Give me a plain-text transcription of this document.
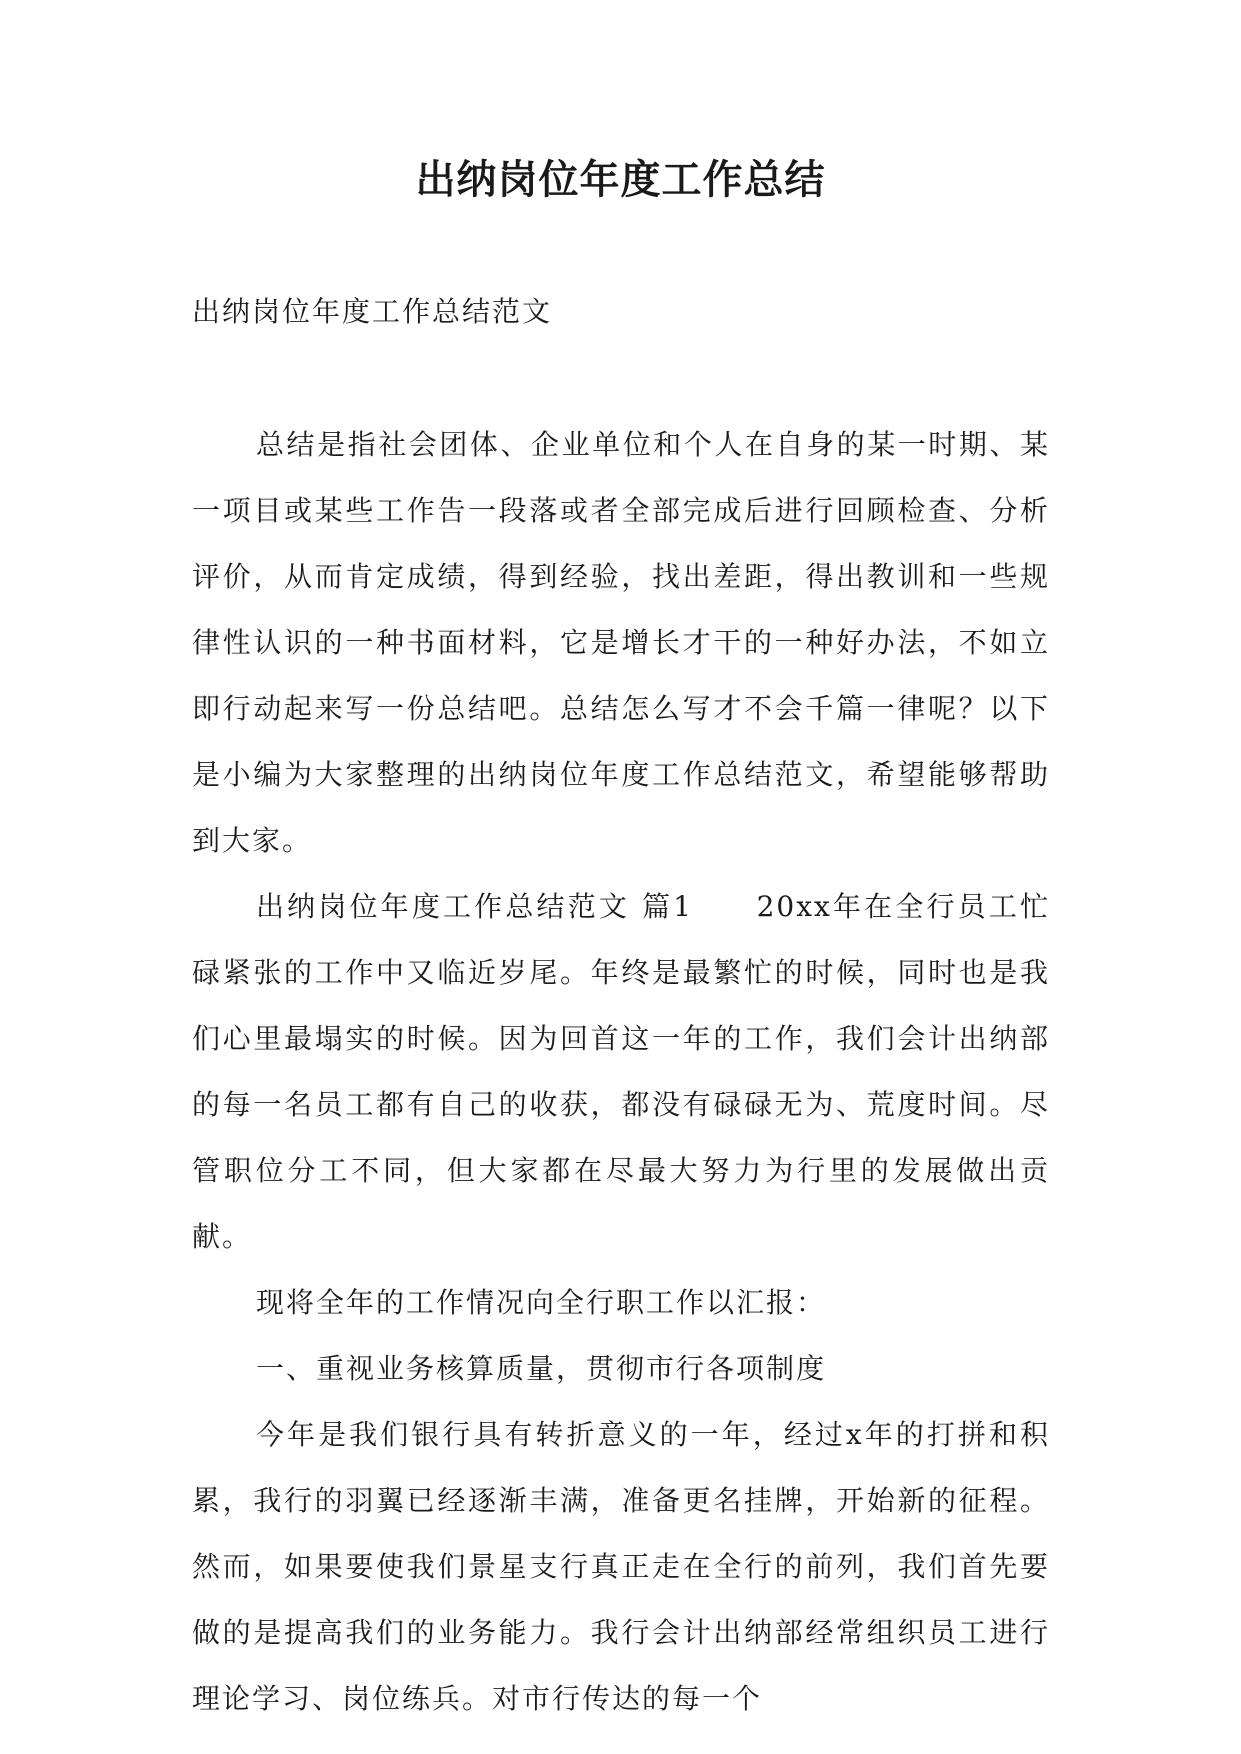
出纳岗位年度工作总结
出纳岗位年度工作总结范文

总结是指社会团体、企业单位和个人在自身的某一时期、某一项目或某些工作告一段落或者全部完成后进行回顾检查、分析评价，从而肯定成绩，得到经验，找出差距，得出教训和一些规律性认识的一种书面材料，它是增长才干的一种好办法，不如立即行动起来写一份总结吧。总结怎么写才不会千篇一律呢？以下是小编为大家整理的出纳岗位年度工作总结范文，希望能够帮助到大家。

出纳岗位年度工作总结范文 篇1　　20xx年在全行员工忙碌紧张的工作中又临近岁尾。年终是最繁忙的时候，同时也是我们心里最塌实的时候。因为回首这一年的工作，我们会计出纳部的每一名员工都有自己的收获，都没有碌碌无为、荒度时间。尽管职位分工不同，但大家都在尽最大努力为行里的发展做出贡献。

现将全年的工作情况向全行职工作以汇报：

一、重视业务核算质量，贯彻市行各项制度

今年是我们银行具有转折意义的一年，经过x年的打拼和积累，我行的羽翼已经逐渐丰满，准备更名挂牌，开始新的征程。然而，如果要使我们景星支行真正走在全行的前列，我们首先要做的是提高我们的业务能力。我行会计出纳部经常组织员工进行理论学习、岗位练兵。对市行传达的每一个
